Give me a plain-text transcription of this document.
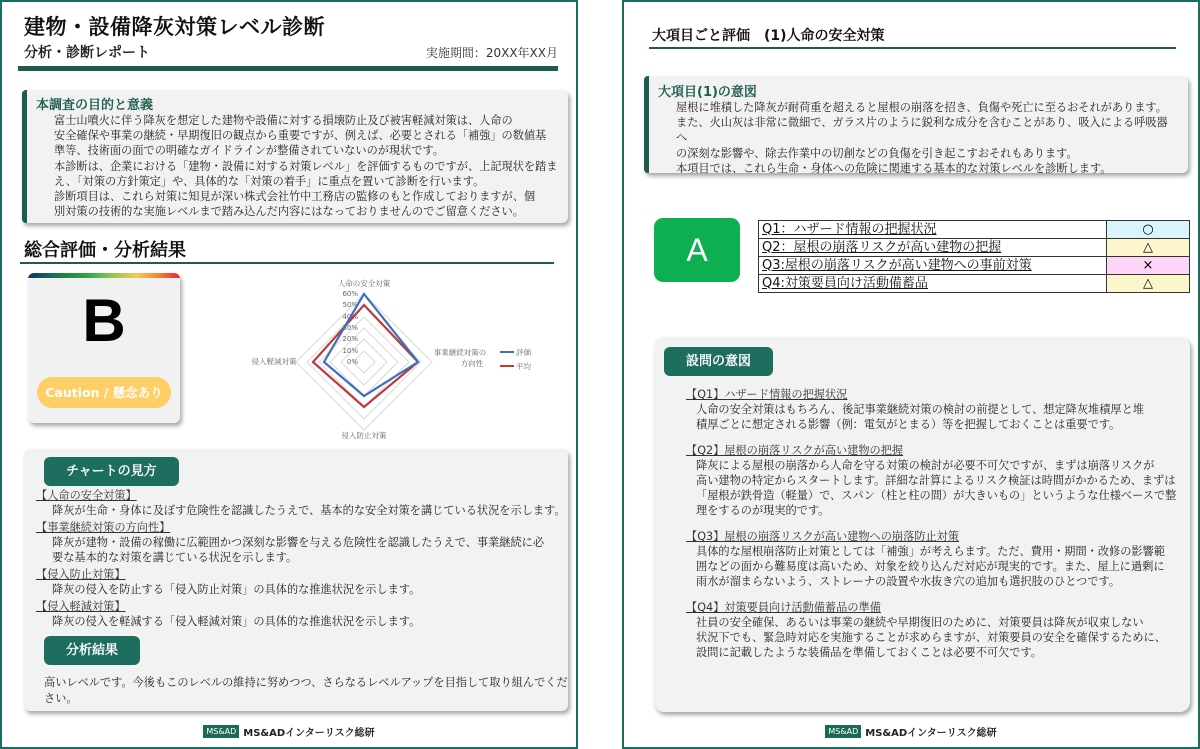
建物・設備降灰対策レベル診断
分析・診断レポート	実施期間：20XX年XX月
本調査の目的と意義
富士山噴火に伴う降灰を想定した建物や設備に対する損壊防止及び被害軽減対策は、人命の
安全確保や事業の継続・早期復旧の観点から重要ですが、例えば、必要とされる「補強」の数値基
準等、技術面の面での明確なガイドラインが整備されていないのが現状です。
本診断は、企業における「建物・設備に対する対策レベル」を評価するものですが、上記現状を踏ま
え、「対策の方針策定」や、具体的な「対策の着手」に重点を置いて診断を行います。
診断項目は、これら対策に知見が深い株式会社竹中工務店の監修のもと作成しておりますが、個
別対策の技術的な実施レベルまで踏み込んだ内容にはなっておりませんのでご留意ください。
総合評価・分析結果
B
Caution / 懸念あり
0%
10%
20%
30%
40%
50%
60%
人命の安全対策
事業継続対策の
方向性
侵入防止対策
侵入軽減対策
評価
平均
チャートの見方
【人命の安全対策】
降灰が生命・身体に及ぼす危険性を認識したうえで、基本的な安全対策を講じている状況を示します。
【事業継続対策の方向性】
降灰が建物・設備の稼働に広範囲かつ深刻な影響を与える危険性を認識したうえで、事業継続に必
要な基本的な対策を講じている状況を示します。
【侵入防止対策】
降灰の侵入を防止する「侵入防止対策」の具体的な推進状況を示します。
【侵入軽減対策】
降灰の侵入を軽減する「侵入軽減対策」の具体的な推進状況を示します。
分析結果
高いレベルです。今後もこのレベルの維持に努めつつ、さらなるレベルアップを目指して取り組んでください。
MS&AD MS&ADインターリスク総研
大項目ごと評価　(1)人命の安全対策
大項目(1)の意図
屋根に堆積した降灰が耐荷重を超えると屋根の崩落を招き、負傷や死亡に至るおそれがあります。
また、火山灰は非常に微細で、ガラス片のように鋭利な成分を含むことがあり、吸入による呼吸器へ
の深刻な影響や、除去作業中の切創などの負傷を引き起こすおそれもあります。
本項目では、これら生命・身体への危険に関連する基本的な対策レベルを診断します。
A
Q1：ハザード情報の把握状況	○
Q2：屋根の崩落リスクが高い建物の把握	△
Q3:屋根の崩落リスクが高い建物への事前対策	×
Q4:対策要員向け活動備蓄品	△
設問の意図
【Q1】ハザード情報の把握状況
人命の安全対策はもちろん、後記事業継続対策の検討の前提として、想定降灰堆積厚と堆
積厚ごとに想定される影響（例：電気がとまる）等を把握しておくことは重要です。
【Q2】屋根の崩落リスクが高い建物の把握
降灰による屋根の崩落から人命を守る対策の検討が必要不可欠ですが、まずは崩落リスクが
高い建物の特定からスタートします。詳細な計算によるリスク検証は時間がかかるため、まずは
「屋根が鉄骨造（軽量）で、スパン（柱と柱の間）が大きいもの」というような仕様ベースで整
理をするのが現実的です。
【Q3】屋根の崩落リスクが高い建物への崩落防止対策
具体的な屋根崩落防止対策としては「補強」が考えらます。ただ、費用・期間・改修の影響範
囲などの面から難易度は高いため、対象を絞り込んだ対応が現実的です。また、屋上に過剰に
雨水が溜まらないよう、ストレーナの設置や水抜き穴の追加も選択肢のひとつです。
【Q4】対策要員向け活動備蓄品の準備
社員の安全確保、あるいは事業の継続や早期復旧のために、対策要員は降灰が収束しない
状況下でも、緊急時対応を実施することが求めらますが、対策要員の安全を確保するために、
設問に記載したような装備品を準備しておくことは必要不可欠です。
MS&AD MS&ADインターリスク総研
